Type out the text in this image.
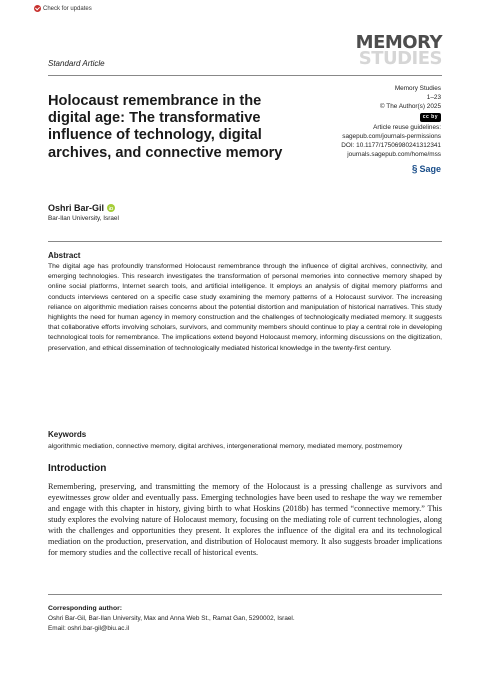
Check for updates
MEMORY
STUDIES
Standard Article
Holocaust remembrance in the digital age: The transformative influence of technology, digital archives, and connective memory
Memory Studies
1–23
© The Author(s) 2025
cc by
Article reuse guidelines:
sagepub.com/journals-permissions
DOI: 10.1177/17506980241312341
journals.sagepub.com/home/mss
§ Sage
Oshri Bar-Gil	iD
Bar-Ilan University, Israel
Abstract

The digital age has profoundly transformed Holocaust remembrance through the influence of digital archives, connectivity, and emerging technologies. This research investigates the transformation of personal memories into connective memory shaped by online social platforms, Internet search tools, and artificial intelligence. It employs an analysis of digital memory platforms and conducts interviews centered on a specific case study examining the memory patterns of a Holocaust survivor. The increasing reliance on algorithmic mediation raises concerns about the potential distortion and manipulation of historical narratives. This study highlights the need for human agency in memory construction and the challenges of technologically mediated memory. It suggests that collaborative efforts involving scholars, survivors, and community members should continue to play a central role in developing technological tools for remembrance. The implications extend beyond Holocaust memory, informing discussions on the digitization, preservation, and ethical dissemination of technologically mediated historical knowledge in the twenty-first century.

Keywords

algorithmic mediation, connective memory, digital archives, intergenerational memory, mediated memory, postmemory

Introduction

Remembering, preserving, and transmitting the memory of the Holocaust is a pressing challenge as survivors and eyewitnesses grow older and eventually pass. Emerging technologies have been used to reshape the way we remember and engage with this chapter in history, giving birth to what Hoskins (2018b) has termed “connective memory.” This study explores the evolving nature of Holocaust memory, focusing on the mediating role of current technologies, along with the challenges and opportunities they present. It explores the influence of the digital era and its technological mediation on the production, preservation, and distribution of Holocaust memory. It also suggests broader implications for memory studies and the collective recall of historical events.

Corresponding author:
Oshri Bar-Gil, Bar-Ilan University, Max and Anna Web St., Ramat Gan, 5290002, Israel.
Email: oshri.bar-gil@biu.ac.il
